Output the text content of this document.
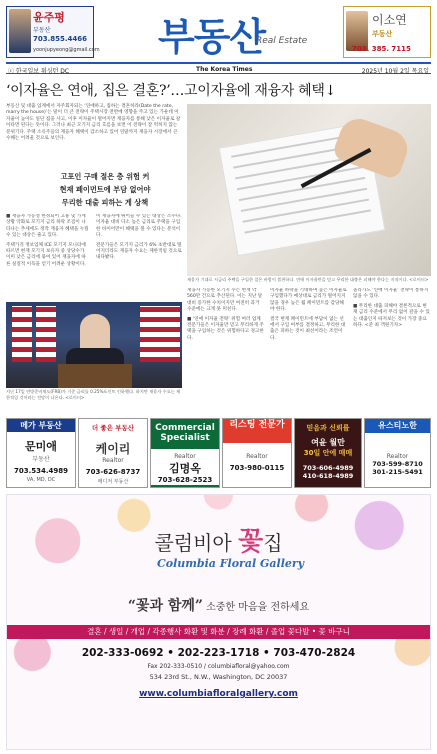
윤주평
부동산
703.855.4466
yoonjupyeong@gmail.com 부동산
Real Estate
이소연
부동산
703. 385. 7115
ⓒ 한국일보 워싱턴 DC	The Korea Times	2025년 10월 2일 목요일
‘이자율은 연애, 집은 결혼?’…고이자율에 재융자 혜택↓
부동산 및 대출 업계에서 자주회자되는 ‘연애하고, 집하는 결혼하라(Date the rate, marry the house)’는 말이 더 큰 전략이 주택시장 전반에 영향을 주고 있는 가운데 이자율이 높아도 일단 집을 사고, 이후 이자율이 떨어지면 재융자를 통해 낮은 이자율로 갈아타면 된다는 뜻이다. 그러나 최근 모기지 금리 흐름을 보면 이 전략이 잘 먹히지 않는 분위기다. 주택 소유주들의 재융자 혜택이 감소하고 있어 연말까지 재융자 시장에서 큰 수혜는 어려울 것으로 보인다.
재융자 기대로 저금리 주택을 구입한 일은 바람이 불편하다. 연애 이자율만을 믿고 무리한 대출은 피해야 한다는 지적이다. <로이터>
고포인 구매 절은 층 위험 커
현재 페이먼트에 부담 없어야
무리한 대출 피하는 게 상책

■ 재융자 가능성 한정되어 고용 및 가계 상황 악화로 모기지 금리 하락 조짐이 나타나는 추세에도 정작 재융자 혜택을 누릴 수 있는 대상은 줄고 있다.

주택가격 정보업체 ICE 모기지 모니터에 따르면 현재 모기지 보유자 중 상당수가 이미 낮은 금리에 묶여 있어 재융자에 따른 실질적 이득을 얻기 어려운 상황이다.

이 재융자에 뛰어들 수 있는 대상은 소수다. 이자율 대비 다소 높은 금리로 주택을 구입한 바이어만이 혜택을 볼 수 있다는 분석이다.

전문가들은 모기지 금리가 6% 초반대로 떨어지더라도 재융자 수요는 제한적일 것으로 내다봤다.

지난 17일 연방준비제도(FRB)가 기준 금리를 0.25%포인트 인하했다. 하지만 재융자 수요는 제한적일 것이라는 전망이 나온다. <로이터>

재융자 가능한 모기지 수는 현재 약 560만 건으로 추산된다. 이는 지난 달 대비 증가한 수치이지만 여전히 과거 수준에는 크게 못 미친다.

■ ‘연애 이자율 전략’ 위험 여러 업계 전문가들은 이자율만 믿고 무리하게 주택을 구입하는 것은 위험하다고 경고한다.

이자율 하락을 기대하며 높은 이자율로 구입했다가 예상대로 금리가 떨어지지 않을 경우 높은 월 페이먼트를 감당해야 한다.

결국 현재 페이먼트에 부담이 없는 선에서 구입 여부를 결정하고, 무리한 대출은 피하는 것이 최선이라는 조언이다.

올라가도 ‘연애 이자율’ 전략이 통하지 않을 수 있다.

■ 무리한 대출 피해야 결론적으로 현재 금리 수준에서 무리 없이 갚을 수 있는 대출인지 따져보는 것이 가장 중요하다. <준 최 객원기자>

메가 부동산
문미애
부동산
703.534.4989
VA, MD, DC
더 좋은 부동산
케이리
Realtor
703-626-8737
메디저 부동산
Commercial Specialist
Realtor
김명옥
703-628-2523
리스팅 전문가
Realtor
703-980-0115
믿음과 신뢰를
여윤 월만
30일 안에 매매
703-606-4989
410-618-4989
유스티노한
Realtor
703-599-8710
301-215-5491
콜럼비아 꽃집
Columbia Floral Gallery
“꽃과 함께” 소중한 마음을 전하세요
결혼 / 생일 / 개업 / 각종행사 화환 및 화분 / 장례 화환 / 졸업 꽃다발 • 꽃 바구니
202-333-0692 • 202-223-1718 • 703-470-2824
Fax 202-333-0510 / columbiafloral@yahoo.com
534 23rd St., N.W., Washington, DC 20037
www.columbiafloralgallery.com
